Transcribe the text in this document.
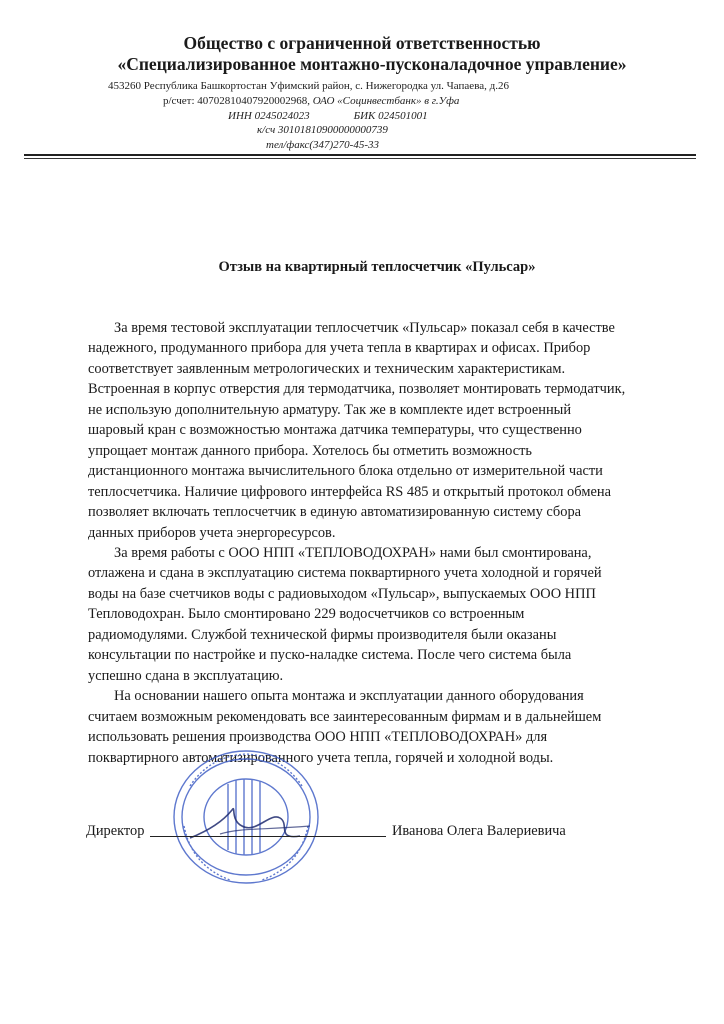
Общество с ограниченной ответственностью
«Специализированное монтажно-пусконаладочное управление»
453260 Республика Башкортостан Уфимский район, с. Нижегородка ул. Чапаева, д.26
р/счет: 40702810407920002968, ОАО «Социнвестбанк» в г.Уфа
ИНН 0245024023	БИК 024501001
к/сч 30101810900000000739
тел/факс(347)270-45-33
Отзыв на квартирный теплосчетчик «Пульсар»
За время тестовой эксплуатации теплосчетчик «Пульсар» показал себя в качестве
надежного, продуманного прибора для учета тепла в квартирах и офисах. Прибор
соответствует заявленным метрологических и техническим характеристикам.
Встроенная в корпус отверстия для термодатчика, позволяет монтировать термодатчик,
не использую дополнительную арматуру. Так же в комплекте идет встроенный
шаровый кран с возможностью монтажа датчика температуры, что существенно
упрощает монтаж данного прибора. Хотелось бы отметить возможность
дистанционного монтажа вычислительного блока отдельно от измерительной части
теплосчетчика. Наличие цифрового интерфейса RS 485 и открытый протокол обмена
позволяет включать теплосчетчик в единую автоматизированную систему сбора
данных приборов учета энергоресурсов.
За время работы с ООО НПП «ТЕПЛОВОДОХРАН» нами был смонтирована,
отлажена и сдана в эксплуатацию система поквартирного учета холодной и горячей
воды на базе счетчиков воды с радиовыходом «Пульсар», выпускаемых ООО НПП
Тепловодохран. Было смонтировано 229 водосчетчиков со встроенным
радиомодулями. Службой технической фирмы производителя были оказаны
консультации по настройке и пуско-наладке система. После чего система была
успешно сдана в эксплуатацию.
На основании нашего опыта монтажа и эксплуатации данного оборудования
считаем возможным рекомендовать все заинтересованным фирмам и в дальнейшем
использовать решения производства ООО НПП «ТЕПЛОВОДОХРАН» для
поквартирного автоматизированного учета тепла, горячей и холодной воды.
Директор	Иванова Олега Валериевича
